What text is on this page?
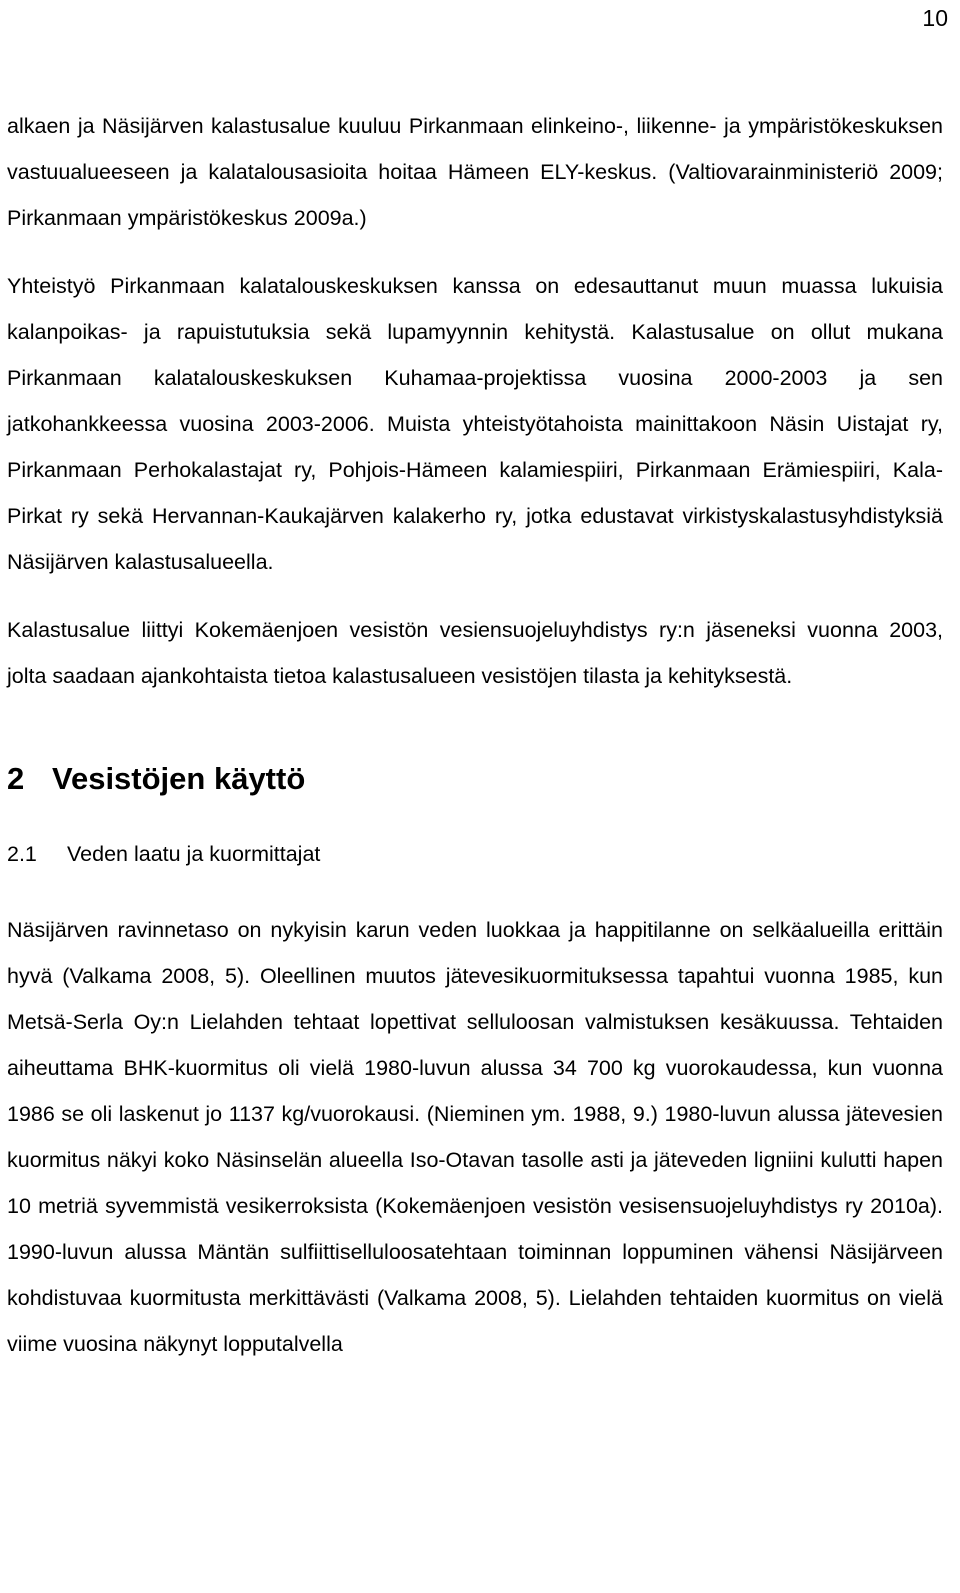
10

alkaen ja Näsijärven kalastusalue kuuluu Pirkanmaan elinkeino-, liikenne- ja ympäristökeskuksen vastuualueeseen ja kalatalousasioita hoitaa Hämeen ELY-keskus. (Valtiovarainministeriö 2009; Pirkanmaan ympäristökeskus 2009a.)

Yhteistyö Pirkanmaan kalatalouskeskuksen kanssa on edesauttanut muun muassa lukuisia kalanpoikas- ja rapuistutuksia sekä lupamyynnin kehitystä. Kalastusalue on ollut mukana Pirkanmaan kalatalouskeskuksen Kuhamaa-projektissa vuosina 2000-2003 ja sen jatkohankkeessa vuosina 2003-2006. Muista yhteistyötahoista mainittakoon Näsin Uistajat ry, Pirkanmaan Perhokalastajat ry, Pohjois-Hämeen kalamiespiiri, Pirkanmaan Erämiespiiri, Kala-Pirkat ry sekä Hervannan-Kaukajärven kalakerho ry, jotka edustavat virkistyskalastusyhdistyksiä Näsijärven kalastusalueella.

Kalastusalue liittyi Kokemäenjoen vesistön vesiensuojeluyhdistys ry:n jäseneksi vuonna 2003, jolta saadaan ajankohtaista tietoa kalastusalueen vesistöjen tilasta ja kehityksestä.

2 Vesistöjen käyttö
2.1 Veden laatu ja kuormittajat

Näsijärven ravinnetaso on nykyisin karun veden luokkaa ja happitilanne on selkäalueilla erittäin hyvä (Valkama 2008, 5). Oleellinen muutos jätevesikuormituksessa tapahtui vuonna 1985, kun Metsä-Serla Oy:n Lielahden tehtaat lopettivat selluloosan valmistuksen kesäkuussa. Tehtaiden aiheuttama BHK-kuormitus oli vielä 1980-luvun alussa 34 700 kg vuorokaudessa, kun vuonna 1986 se oli laskenut jo 1137 kg/vuorokausi. (Nieminen ym. 1988, 9.) 1980-luvun alussa jätevesien kuormitus näkyi koko Näsinselän alueella Iso-Otavan tasolle asti ja jäteveden ligniini kulutti hapen 10 metriä syvemmistä vesikerroksista (Kokemäenjoen vesistön vesisensuojeluyhdistys ry 2010a). 1990-luvun alussa Mäntän sulfiittiselluloosatehtaan toiminnan loppuminen vähensi Näsijärveen kohdistuvaa kuormitusta merkittävästi (Valkama 2008, 5). Lielahden tehtaiden kuormitus on vielä viime vuosina näkynyt lopputalvella
